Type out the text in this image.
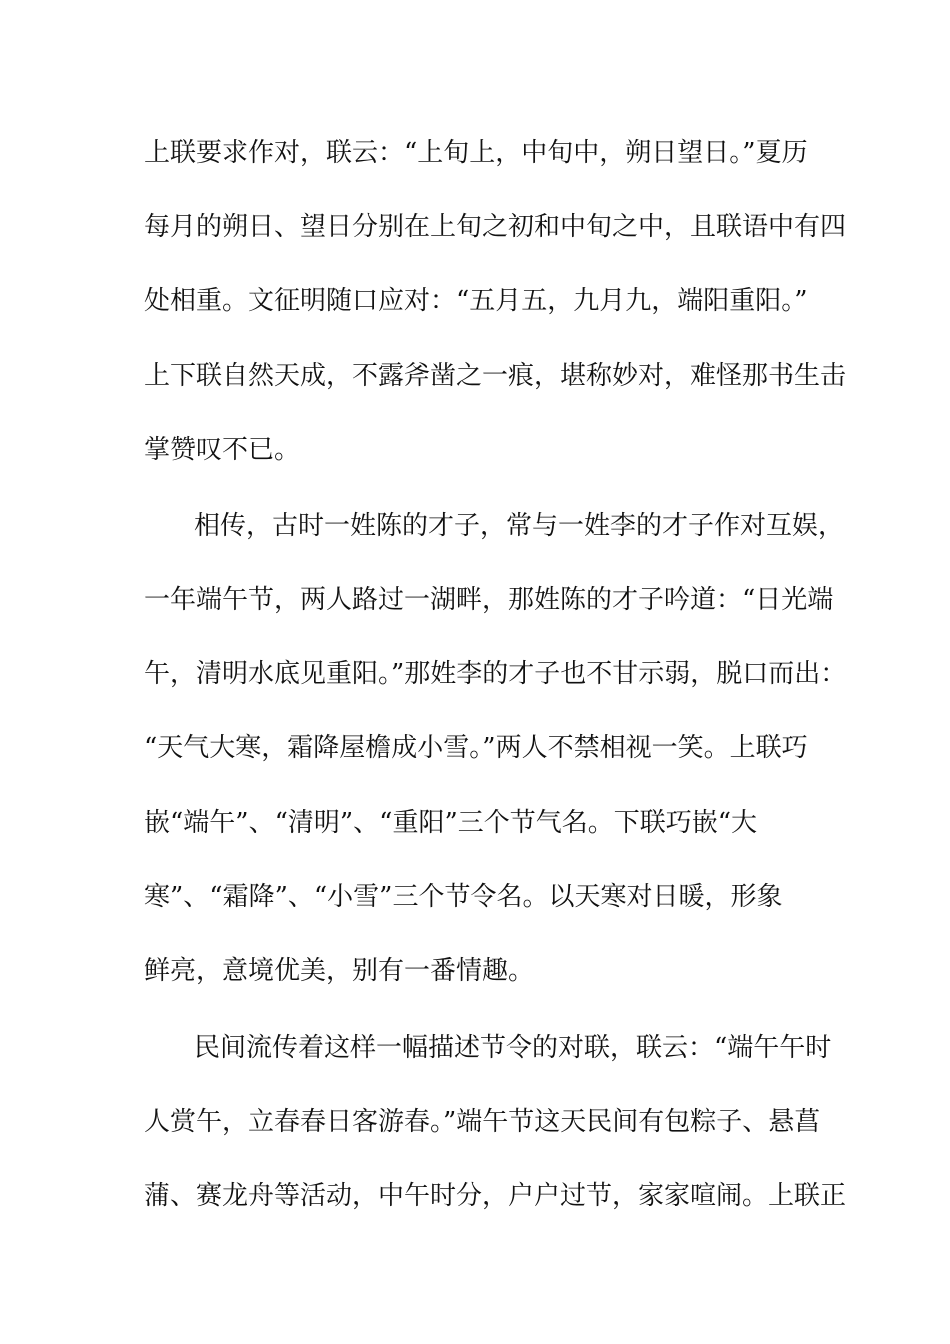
上联要求作对，联云：“上旬上，中旬中，朔日望日。”夏历
每月的朔日、望日分别在上旬之初和中旬之中，且联语中有四
处相重。文征明随口应对：“五月五，九月九，端阳重阳。”
上下联自然天成，不露斧凿之一痕，堪称妙对，难怪那书生击
掌赞叹不已。
相传，古时一姓陈的才子，常与一姓李的才子作对互娱，
一年端午节，两人路过一湖畔，那姓陈的才子吟道：“日光端
午，清明水底见重阳。”那姓李的才子也不甘示弱，脱口而出：
“天气大寒，霜降屋檐成小雪。”两人不禁相视一笑。上联巧
嵌“端午”、“清明”、“重阳”三个节气名。下联巧嵌“大
寒”、“霜降”、“小雪”三个节令名。以天寒对日暖，形象
鲜亮，意境优美，别有一番情趣。
民间流传着这样一幅描述节令的对联，联云：“端午午时
人赏午，立春春日客游春。”端午节这天民间有包粽子、悬菖
蒲、赛龙舟等活动，中午时分，户户过节，家家喧闹。上联正
